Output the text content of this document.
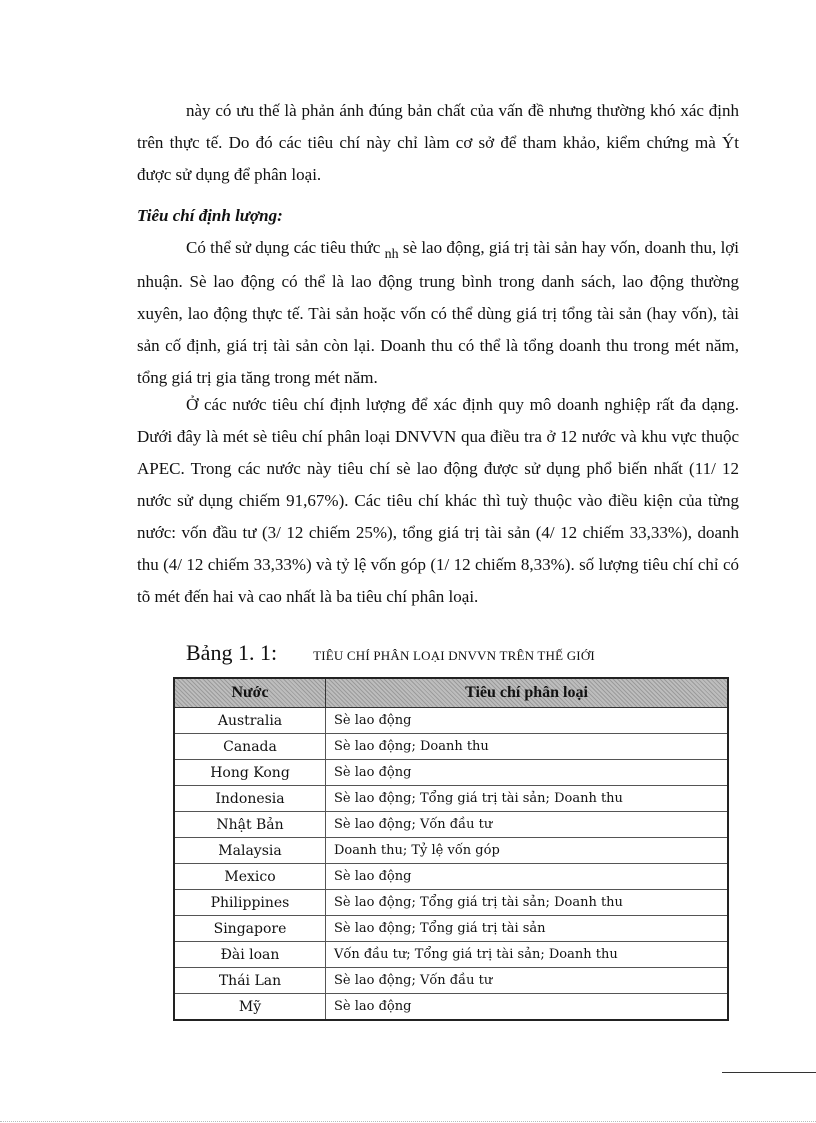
này có ưu thế là phản ánh đúng bản chất của vấn đề nhưng thường khó xác định trên thực tế. Do đó các tiêu chí này chỉ làm cơ sở để tham khảo, kiểm chứng mà Ýt được sử dụng để phân loại.

Tiêu chí định lượng:

Có thể sử dụng các tiêu thức $_{nh}$ sè lao động, giá trị tài sản hay vốn, doanh thu, lợi nhuận. Sè lao động có thể là lao động trung bình trong danh sách, lao động thường xuyên, lao động thực tế. Tài sản hoặc vốn có thể dùng giá trị tổng tài sản (hay vốn), tài sản cố định, giá trị tài sản còn lại. Doanh thu có thể là tổng doanh thu trong mét năm, tổng giá trị gia tăng trong mét năm.

Ở các nước tiêu chí định lượng để xác định quy mô doanh nghiệp rất đa dạng. Dưới đây là mét sè tiêu chí phân loại DNVVN qua điều tra ở 12 nước và khu vực thuộc APEC. Trong các nước này tiêu chí sè lao động được sử dụng phổ biến nhất (11/ 12 nước sử dụng chiếm 91,67%). Các tiêu chí khác thì tuỳ thuộc vào điều kiện của từng nước: vốn đầu tư (3/ 12 chiếm 25%), tổng giá trị tài sản (4/ 12 chiếm 33,33%), doanh thu (4/ 12 chiếm 33,33%) và tỷ lệ vốn góp (1/ 12 chiếm 8,33%). số lượng tiêu chí chỉ có tõ mét đến hai và cao nhất là ba tiêu chí phân loại.

Bảng 1. 1:	TIÊU CHÍ PHÂN LOẠI DNVVN TRÊN THẾ GIỚI
Nước	Tiêu chí phân loại
Australia	Sè lao động
Canada	Sè lao động; Doanh thu
Hong Kong	Sè lao động
Indonesia	Sè lao động; Tổng giá trị tài sản; Doanh thu
Nhật Bản	Sè lao động; Vốn đầu tư
Malaysia	Doanh thu; Tỷ lệ vốn góp
Mexico	Sè lao động
Philippines	Sè lao động; Tổng giá trị tài sản; Doanh thu
Singapore	Sè lao động; Tổng giá trị tài sản
Đài loan	Vốn đầu tư; Tổng giá trị tài sản; Doanh thu
Thái Lan	Sè lao động; Vốn đầu tư
Mỹ	Sè lao động
